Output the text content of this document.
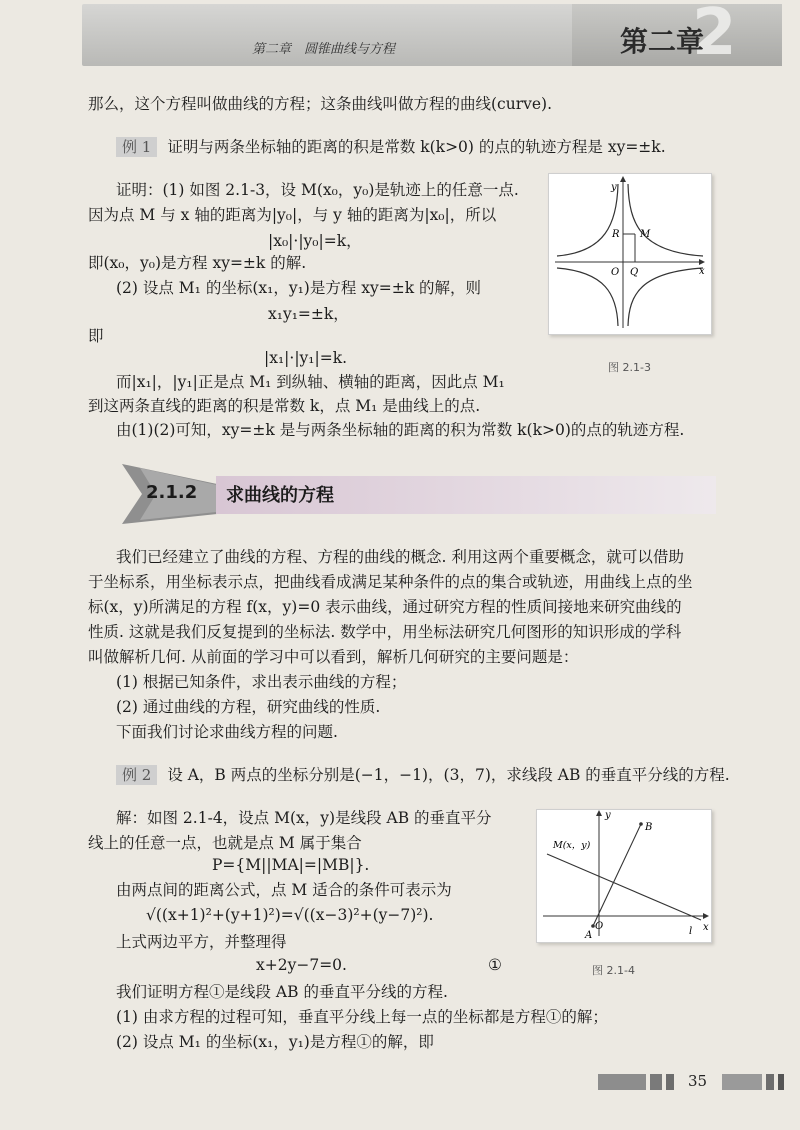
第二章　圆锥曲线与方程	2
第二章
那么，这个方程叫做曲线的方程；这条曲线叫做方程的曲线(curve).
例 1 证明与两条坐标轴的距离的积是常数 k(k>0) 的点的轨迹方程是 xy=±k.
证明：(1) 如图 2.1-3，设 M(x₀，y₀)是轨迹上的任意一点.
因为点 M 与 x 轴的距离为|y₀|，与 y 轴的距离为|x₀|，所以
|x₀|·|y₀|=k，
即(x₀，y₀)是方程 xy=±k 的解.
(2) 设点 M₁ 的坐标(x₁，y₁)是方程 xy=±k 的解，则
x₁y₁=±k，
即
|x₁|·|y₁|=k.
而|x₁|，|y₁|正是点 M₁ 到纵轴、横轴的距离，因此点 M₁
到这两条直线的距离的积是常数 k，点 M₁ 是曲线上的点.
由(1)(2)可知，xy=±k 是与两条坐标轴的距离的积为常数 k(k>0)的点的轨迹方程.
y
x
O Q
R M
图 2.1-3
2.1.2 求曲线的方程
我们已经建立了曲线的方程、方程的曲线的概念. 利用这两个重要概念，就可以借助
于坐标系，用坐标表示点，把曲线看成满足某种条件的点的集合或轨迹，用曲线上点的坐
标(x，y)所满足的方程 f(x，y)=0 表示曲线，通过研究方程的性质间接地来研究曲线的
性质. 这就是我们反复提到的坐标法. 数学中，用坐标法研究几何图形的知识形成的学科
叫做解析几何. 从前面的学习中可以看到，解析几何研究的主要问题是：
(1) 根据已知条件，求出表示曲线的方程；
(2) 通过曲线的方程，研究曲线的性质.
下面我们讨论求曲线方程的问题.
例 2 设 A，B 两点的坐标分别是(−1，−1)，(3，7)，求线段 AB 的垂直平分线的方程.
解：如图 2.1-4，设点 M(x，y)是线段 AB 的垂直平分
线上的任意一点，也就是点 M 属于集合
P={M||MA|=|MB|}.
由两点间的距离公式，点 M 适合的条件可表示为
√((x+1)²+(y+1)²)=√((x−3)²+(y−7)²).
上式两边平方，并整理得
x+2y−7=0.	①
我们证明方程①是线段 AB 的垂直平分线的方程.
(1) 由求方程的过程可知，垂直平分线上每一点的坐标都是方程①的解；
(2) 设点 M₁ 的坐标(x₁，y₁)是方程①的解，即
y
x
O
A
B
l
M(x，y)
图 2.1-4
35
